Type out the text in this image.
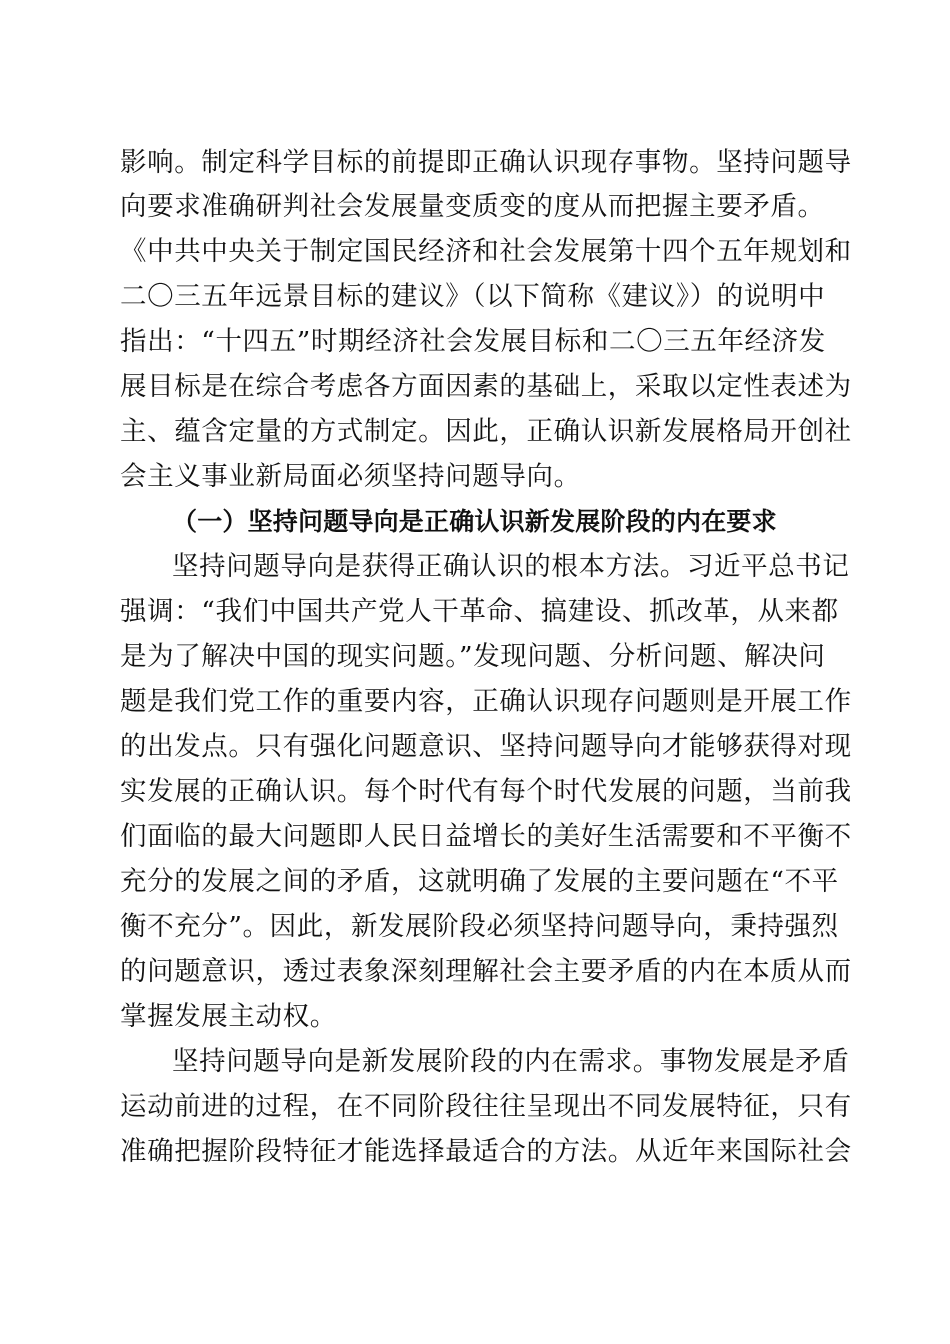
影响。制定科学目标的前提即正确认识现存事物。坚持问题导
向要求准确研判社会发展量变质变的度从而把握主要矛盾。
《中共中央关于制定国民经济和社会发展第十四个五年规划和
二〇三五年远景目标的建议》（以下简称《建议》）的说明中
指出：“十四五”时期经济社会发展目标和二〇三五年经济发
展目标是在综合考虑各方面因素的基础上，采取以定性表述为
主、蕴含定量的方式制定。因此，正确认识新发展格局开创社
会主义事业新局面必须坚持问题导向。
（一）坚持问题导向是正确认识新发展阶段的内在要求
坚持问题导向是获得正确认识的根本方法。习近平总书记
强调：“我们中国共产党人干革命、搞建设、抓改革，从来都
是为了解决中国的现实问题。”发现问题、分析问题、解决问
题是我们党工作的重要内容，正确认识现存问题则是开展工作
的出发点。只有强化问题意识、坚持问题导向才能够获得对现
实发展的正确认识。每个时代有每个时代发展的问题，当前我
们面临的最大问题即人民日益增长的美好生活需要和不平衡不
充分的发展之间的矛盾，这就明确了发展的主要问题在“不平
衡不充分”。因此，新发展阶段必须坚持问题导向，秉持强烈
的问题意识，透过表象深刻理解社会主要矛盾的内在本质从而
掌握发展主动权。
坚持问题导向是新发展阶段的内在需求。事物发展是矛盾
运动前进的过程，在不同阶段往往呈现出不同发展特征，只有
准确把握阶段特征才能选择最适合的方法。从近年来国际社会
